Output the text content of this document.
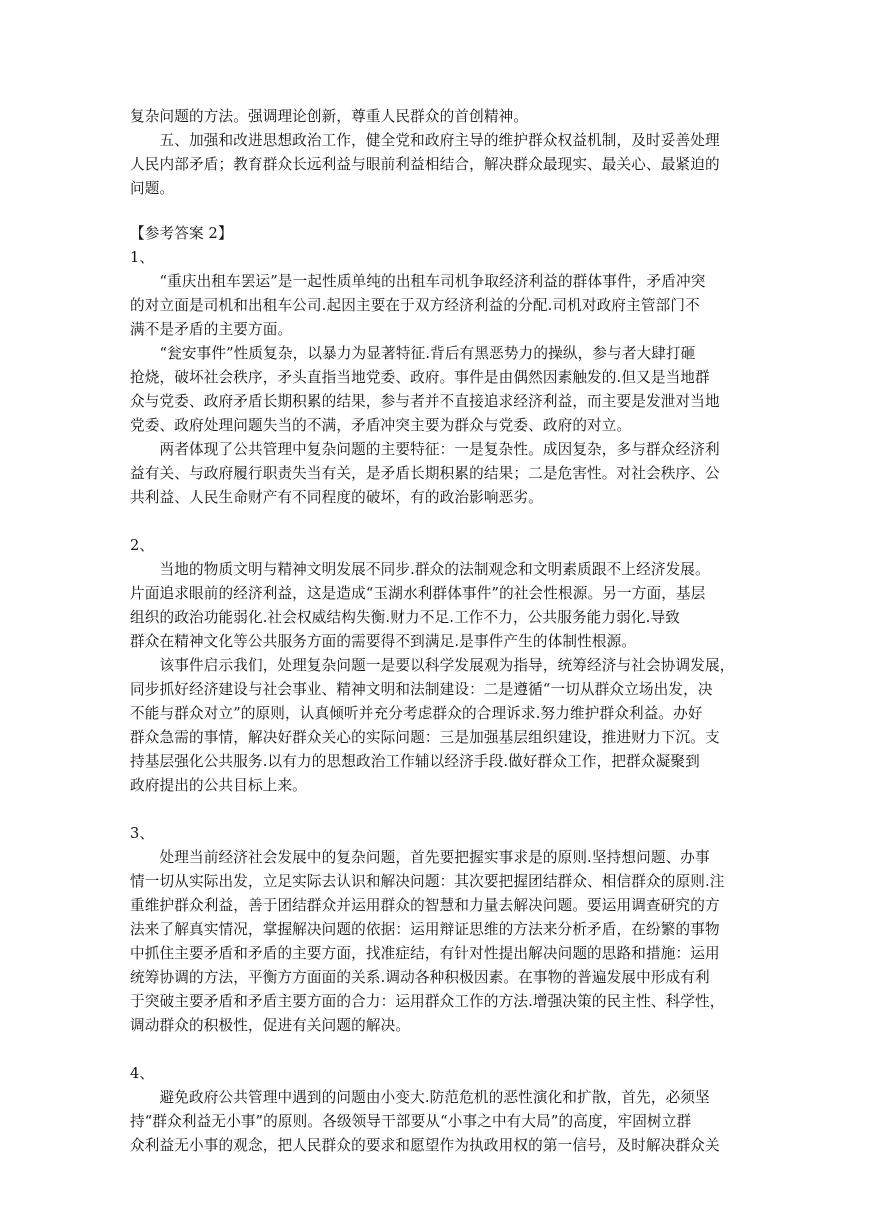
复杂问题的方法。强调理论创新，尊重人民群众的首创精神。
　　五、加强和改进思想政治工作，健全党和政府主导的维护群众权益机制，及时妥善处理
人民内部矛盾；教育群众长远利益与眼前利益相结合，解决群众最现实、最关心、最紧迫的
问题。
【参考答案 2】
1、
　　“重庆出租车罢运”是一起性质单纯的出租车司机争取经济利益的群体事件，矛盾冲突
的对立面是司机和出租车公司.起因主要在于双方经济利益的分配.司机对政府主管部门不
满不是矛盾的主要方面。
　　“瓮安事件”性质复杂，以暴力为显著特征.背后有黑恶势力的操纵，参与者大肆打砸
抢烧，破坏社会秩序，矛头直指当地党委、政府。事件是由偶然因素触发的.但又是当地群
众与党委、政府矛盾长期积累的结果，参与者并不直接追求经济利益，而主要是发泄对当地
党委、政府处理问题失当的不满，矛盾冲突主要为群众与党委、政府的对立。
　　两者体现了公共管理中复杂问题的主要特征：一是复杂性。成因复杂，多与群众经济利
益有关、与政府履行职责失当有关，是矛盾长期积累的结果；二是危害性。对社会秩序、公
共利益、人民生命财产有不同程度的破坏，有的政治影响恶劣。
2、
　　当地的物质文明与精神文明发展不同步.群众的法制观念和文明素质跟不上经济发展。
片面追求眼前的经济利益，这是造成“玉湖水利群体事件”的社会性根源。另一方面，基层
组织的政治功能弱化.社会权威结构失衡.财力不足.工作不力，公共服务能力弱化.导致
群众在精神文化等公共服务方面的需要得不到满足.是事件产生的体制性根源。
　　该事件启示我们，处理复杂问题一是要以科学发展观为指导，统筹经济与社会协调发展，
同步抓好经济建设与社会事业、精神文明和法制建设：二是遵循“一切从群众立场出发，决
不能与群众对立”的原则，认真倾听并充分考虑群众的合理诉求.努力维护群众利益。办好
群众急需的事情，解决好群众关心的实际问题：三是加强基层组织建设，推进财力下沉。支
持基层强化公共服务.以有力的思想政治工作辅以经济手段.做好群众工作，把群众凝聚到
政府提出的公共目标上来。
3、
　　处理当前经济社会发展中的复杂问题，首先要把握实事求是的原则.坚持想问题、办事
情一切从实际出发，立足实际去认识和解决问题：其次要把握团结群众、相信群众的原则.注
重维护群众利益，善于团结群众并运用群众的智慧和力量去解决问题。要运用调查研究的方
法来了解真实情况，掌握解决问题的依据：运用辩证思维的方法来分析矛盾，在纷繁的事物
中抓住主要矛盾和矛盾的主要方面，找准症结，有针对性提出解决问题的思路和措施：运用
统筹协调的方法，平衡方方面面的关系.调动各种积极因素。在事物的普遍发展中形成有利
于突破主要矛盾和矛盾主要方面的合力：运用群众工作的方法.增强决策的民主性、科学性，
调动群众的积极性，促进有关问题的解决。
4、
　　避免政府公共管理中遇到的问题由小变大.防范危机的恶性演化和扩散，首先，必须坚
持“群众利益无小事”的原则。各级领导干部要从“小事之中有大局”的高度，牢固树立群
众利益无小事的观念，把人民群众的要求和愿望作为执政用权的第一信号，及时解决群众关
